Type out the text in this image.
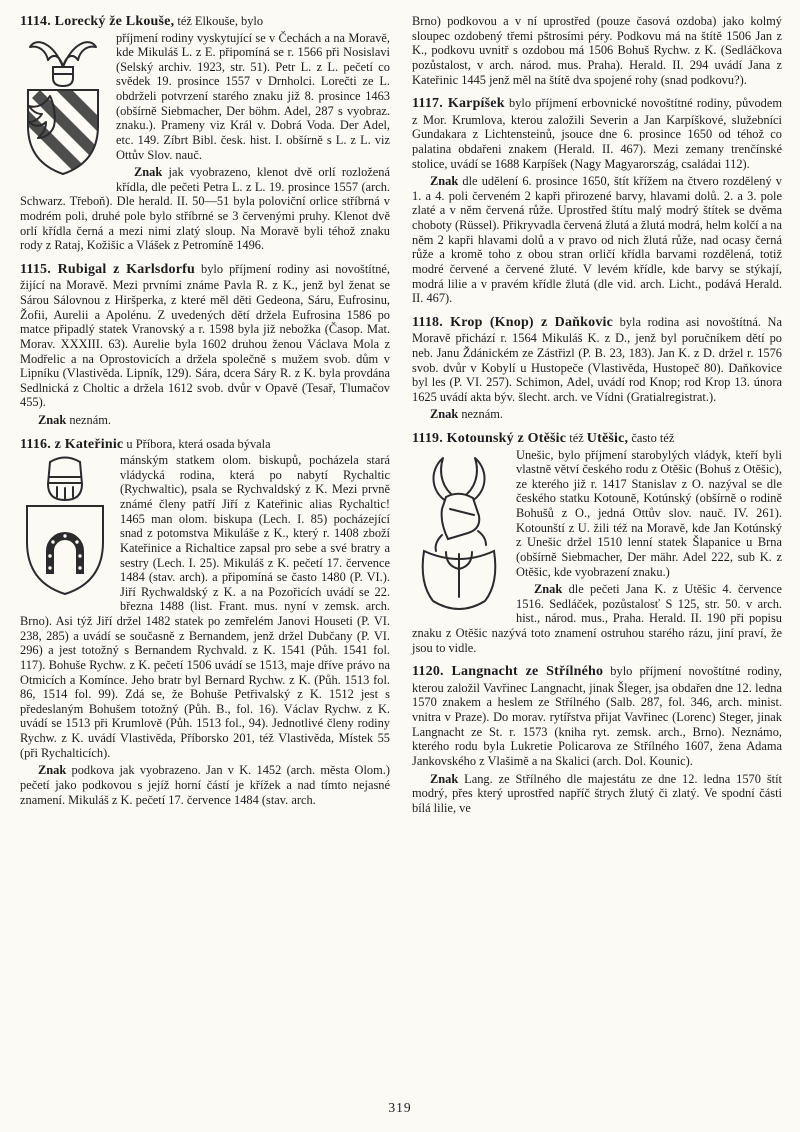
1114. Lorecký že Lkouše, též Elkouše, bylo

příjmení rodiny vyskytující se v Čechách a na Moravě, kde Mikuláš L. z E. připomíná se r. 1566 při Nosislavi (Selský archiv. 1923, str. 51). Petr L. z L. pečetí co svědek 19. prosince 1557 v Drnholci. Lorečti ze L. obdrželi potvrzení starého znaku již 8. prosince 1463 (obšírně Siebmacher, Der böhm. Adel, 287 s vyobraz. znaku.). Prameny viz Král v. Dobrá Voda. Der Adel, etc. 149. Zíbrt Bibl. česk. hist. I. obšírně s L. z L. viz Ottův Slov. nauč.

Znak jak vyobrazeno, klenot dvě orlí rozložená křídla, dle pečeti Petra L. z L. 19. prosince 1557 (arch. Schwarz. Třeboň). Dle herald. II. 50—51 byla poloviční orlice stříbrná v modrém poli, druhé pole bylo stříbrné se 3 červenými pruhy. Klenot dvě orlí křídla černá a mezi nimi zlatý sloup. Na Moravě byli téhož znaku rody z Rataj, Kožišic a Vlášek z Petromíně 1496.

1115. Rubigal z Karlsdorfu bylo příjmení rodiny asi novoštítné, žijící na Moravě. Mezi prvními známe Pavla R. z K., jenž byl ženat se Sárou Sálovnou z Hiršperka, z které měl děti Gedeona, Sáru, Eufrosinu, Žofii, Aurelii a Apolénu. Z uvedených dětí držela Eufrosina 1586 po matce připadlý statek Vranovský a r. 1598 byla již nebožka (Časop. Mat. Morav. XXXIII. 63). Aurelie byla 1602 druhou ženou Václava Mola z Modřelic a na Oprostovicích a držela společně s mužem svob. dům v Lipníku (Vlastivěda. Lipník, 129). Sára, dcera Sáry R. z K. byla provdána Sedlnická z Choltic a držela 1612 svob. dvůr v Opavě (Tesař, Tlumačov 455).

Znak neznám.

1116. z Kateřinic u Příbora, která osada bývala

mánským statkem olom. biskupů, pocházela stará vládycká rodina, která po nabytí Rychaltic (Rychwaltic), psala se Rychvaldský z K. Mezi prvně známé členy patří Jiří z Kateřinic alias Rychaltic! 1465 man olom. biskupa (Lech. I. 85) pocházející snad z potomstva Mikuláše z K., který r. 1408 zboží Kateřinice a Richaltice zapsal pro sebe a své bratry a sestry (Lech. I. 25). Mikuláš z K. pečetí 17. července 1484 (stav. arch). a připomíná se často 1480 (P. VI.). Jiří Rychwaldský z K. a na Pozořicích uvádí se 22. března 1488 (list. Frant. mus. nyní v zemsk. arch. Brno). Asi týž Jiří držel 1482 statek po zemřelém Janovi Houseti (P. VI. 238, 285) a uvádí se současně z Bernandem, jenž držel Dubčany (P. VI. 296) a jest totožný s Bernandem Rychvald. z K. 1541 (Půh. 1541 fol. 117). Bohuše Rychw. z K. pečetí 1506 uvádí se 1513, maje dříve právo na Otmicích a Komínce. Jeho bratr byl Bernard Rychw. z K. (Půh. 1513 fol. 86, 1514 fol. 99). Zdá se, že Bohuše Petřivalský z K. 1512 jest s předeslaným Bohušem totožný (Půh. B., fol. 16). Václav Rychw. z K. uvádí se 1513 při Krumlově (Půh. 1513 fol., 94). Jednotlivé členy rodiny Rychw. z K. uvádí Vlastivěda, Příborsko 201, též Vlastivěda, Místek 55 (při Rychalticích).

Znak podkova jak vyobrazeno. Jan v K. 1452 (arch. města Olom.) pečetí jako podkovou s jejíž horní částí je křížek a nad tímto nejasné znamení. Mikuláš z K. pečetí 17. července 1484 (stav. arch.

Brno) podkovou a v ní uprostřed (pouze časová ozdoba) jako kolmý sloupec ozdobený třemi pštrosími péry. Podkovu má na štítě 1506 Jan z K., podkovu uvnitř s ozdobou má 1506 Bohuš Rychw. z K. (Sedláčkova pozůstalost, v arch. národ. mus. Praha). Herald. II. 294 uvádí Jana z Kateřinic 1445 jenž měl na štítě dva spojené rohy (snad podkovu?).

1117. Karpíšek bylo příjmení erbovnické novoštítné rodiny, původem z Mor. Krumlova, kterou založili Severin a Jan Karpíškové, služebníci Gundakara z Lichtensteinů, jsouce dne 6. prosince 1650 od téhož co palatina obdařeni znakem (Herald. II. 467). Mezi zemany trenčínské stolice, uvádí se 1688 Karpíšek (Nagy Magyarország, családai 112).

Znak dle udělení 6. prosince 1650, štít křížem na čtvero rozdělený v 1. a 4. poli červeném 2 kapři přirozené barvy, hlavami dolů. 2. a 3. pole zlaté a v něm červená růže. Uprostřed štítu malý modrý štítek se dvěma choboty (Rüssel). Přikryvadla červená žlutá a žlutá modrá, helm kolčí a na něm 2 kapři hlavami dolů a v pravo od nich žlutá růže, nad ocasy černá růže a kromě toho z obou stran orličí křídla barvami rozdělená, totiž modré červené a červené žluté. V levém křídle, kde barvy se stýkají, modrá lilie a v pravém křídle žlutá (dle vid. arch. Licht., podává Herald. II. 467).

1118. Krop (Knop) z Daňkovic byla rodina asi novoštítná. Na Moravě přichází r. 1564 Mikuláš K. z D., jenž byl poručníkem dětí po neb. Janu Ždánickém ze Zástřizl (P. B. 23, 183). Jan K. z D. držel r. 1576 svob. dvůr v Kobylí u Hustopeče (Vlastivěda, Hustopeč 80). Daňkovice byl les (P. VI. 257). Schimon, Adel, uvádí rod Knop; rod Krop 13. února 1625 uvádí akta býv. šlecht. arch. ve Vídni (Gratialregistrat.).

Znak neznám.

1119. Kotounský z Otěšic též Utěšic, často též

Unešic, bylo příjmení starobylých vládyk, kteří byli vlastně větví českého rodu z Otěšic (Bohuš z Otěšic), ze kterého již r. 1417 Stanislav z O. nazýval se dle českého statku Kotouně, Kotúnský (obšírně o rodině Bohušů z O., jedná Ottův slov. nauč. IV. 261). Kotounští z U. žili též na Moravě, kde Jan Kotúnský z Unešic držel 1510 lenní statek Šlapanice u Brna (obšírně Siebmacher, Der mähr. Adel 222, sub K. z Otěšic, kde vyobrazení znaku.)

Znak dle pečeti Jana K. z Utěšic 4. července 1516. Sedláček, pozůstalosť S 125, str. 50. v arch. hist., národ. mus., Praha. Herald. II. 190 při popisu znaku z Otěšic nazývá toto znamení ostruhou starého rázu, jiní praví, že jsou to vidle.

1120. Langnacht ze Střílného bylo příjmení novoštítné rodiny, kterou založil Vavřinec Langnacht, jinak Šleger, jsa obdařen dne 12. ledna 1570 znakem a heslem ze Střílného (Salb. 287, fol. 346, arch. minist. vnitra v Praze). Do morav. rytířstva přijat Vavřinec (Lorenc) Steger, jinak Langnacht ze St. r. 1573 (kniha ryt. zemsk. arch., Brno). Neznámo, kterého rodu byla Lukretie Policarova ze Střílného 1607, žena Adama Jankovského z Vlašimě a na Skalici (arch. Dol. Kounic).

Znak Lang. ze Střílného dle majestátu ze dne 12. ledna 1570 štít modrý, přes který uprostřed napříč štrych žlutý či zlatý. Ve spodní části bílá lilie, ve

319
